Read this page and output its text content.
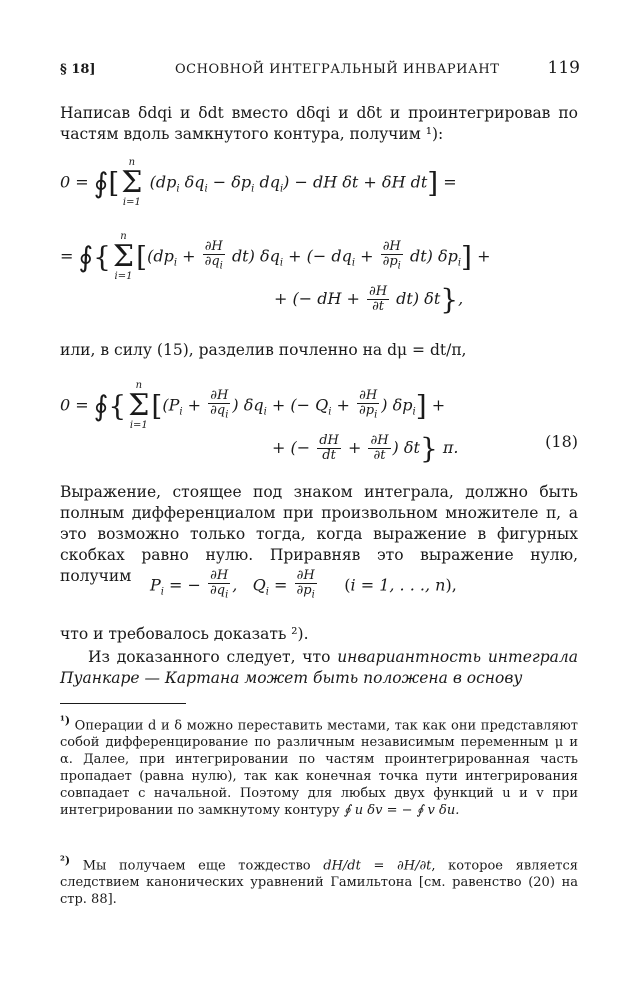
§ 18]	ОСНОВНОЙ ИНТЕГРАЛЬНЫЙ ИНВАРИАНТ	119
Написав δdqi и δdt вместо dδqi и dδt и проинтегрировав по частям вдоль замкнутого контура, получим ¹):
0 = ∮[
n
Σ
i=1
($dp_i$ $\delta q_i - \delta p_i$ $dq_i$) − dH δt + δH dt] =
= ∮{
n
Σ
i=1
[$(dp_i + \frac{\partial H}{\partial q_i} dt) \delta q_i$ + (− $dq_i + \frac{\partial H}{\partial p_i} dt$) $\delta p_i$] +
+ (− dH + $\frac{\partial H}{\partial t} dt$) δt},
или, в силу (15), разделив почленно на dμ = dt/π,
0 = ∮{
n
Σ
i=1
[($P_i + \frac{\partial H}{\partial q_i}$ ) $\delta q_i$ + (− $Q_i + \frac{\partial H}{\partial p_i}$ ) $\delta p_i$] +
+ (− $\frac{dH}{dt} + \frac{\partial H}{\partial t}$ ) δt} π.	(18)
Выражение, стоящее под знаком интеграла, должно быть полным дифференциалом при произвольном множителе π, а это возможно только тогда, когда выражение в фигурных скобках равно нулю. Приравняв это выражение нулю, получим	$P_i$ = − $\frac{\partial H}{\partial q_i}$ ,   $Q_i = \frac{\partial H}{\partial p_i} (i = 1$, . . ., n),
что и требовалось доказать ²).
Из доказанного следует, что инвариантность интеграла Пуанкаре — Картана может быть положена в основу
$^{^1)}$ Операции d и δ можно переставить местами, так как они представляют собой дифференцирование по различным независимым переменным μ и α. Далее, при интегрировании по частям проинтегрированная часть пропадает (равна нулю), так как конечная точка пути интегрирования совпадает с начальной. Поэтому для любых двух функций u и v при интегрировании по замкнутому контуру ∮ u δv = − ∮ v δu.
$^{^2)}$ Мы получаем еще тождество dH/dt = ∂H/∂t, которое является следствием канонических уравнений Гамильтона [см. равенство (20) на стр. 88].
